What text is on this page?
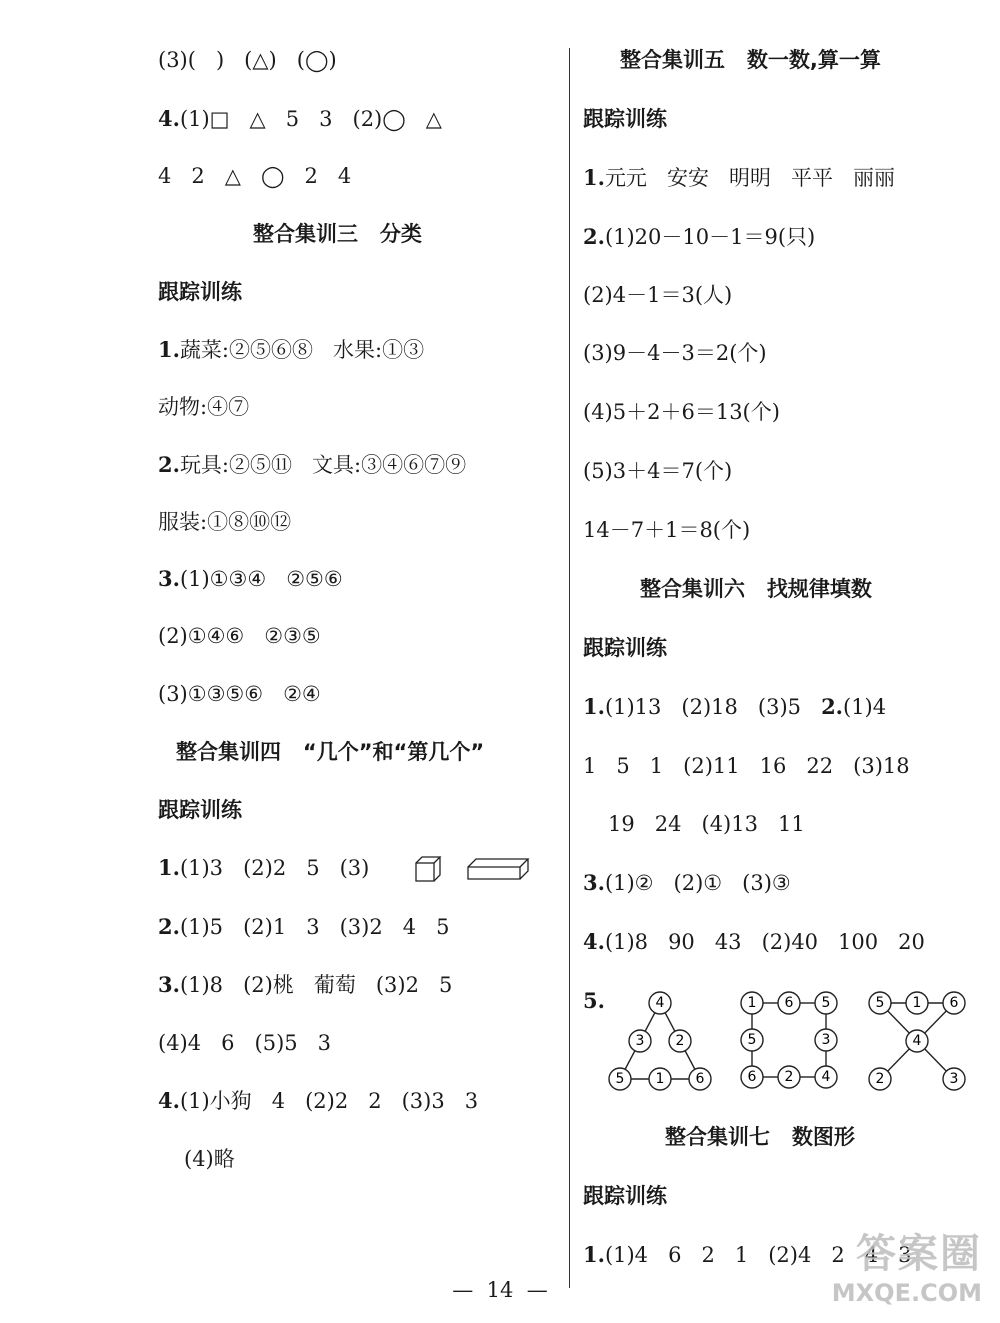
(3)(   )   (△)   (◯)
4.(1)□   △   5   3   (2)◯   △
4   2   △   ◯   2   4
整合集训三   分类
跟踪训练
1.蔬菜:②⑤⑥⑧   水果:①③
动物:④⑦
2.玩具:②⑤⑪   文具:③④⑥⑦⑨
服装:①⑧⑩⑫
3.(1)①③④   ②⑤⑥
(2)①④⑥   ②③⑤
(3)①③⑤⑥   ②④
整合集训四   “几个”和“第几个”
跟踪训练
1.(1)3   (2)2   5   (3)
2.(1)5   (2)1   3   (3)2   4   5
3.(1)8   (2)桃   葡萄   (3)2   5
(4)4   6   (5)5   3
4.(1)小狗   4   (2)2   2   (3)3   3
(4)略
整合集训五   数一数,算一算
跟踪训练
1.元元   安安   明明   平平   丽丽
2.(1)20－10－1＝9(只)
(2)4－1＝3(人)
(3)9－4－3＝2(个)
(4)5＋2＋6＝13(个)
(5)3＋4＝7(个)
14－7＋1＝8(个)
整合集训六   找规律填数
跟踪训练
1.(1)13   (2)18   (3)5   2.(1)4
1   5   1   (2)11   16   22   (3)18
19   24   (4)13   11
3.(1)②   (2)①   (3)③
4.(1)8   90   43   (2)40   100   20
5.	4
3 2
5 1 6
1 6 5
5	3
6 2 4
5 1 6
4
2	3
整合集训七   数图形
跟踪训练
1.(1)4   6   2   1   (2)4   2   4   3
—  14  —
答案圈
MXQE.COM
